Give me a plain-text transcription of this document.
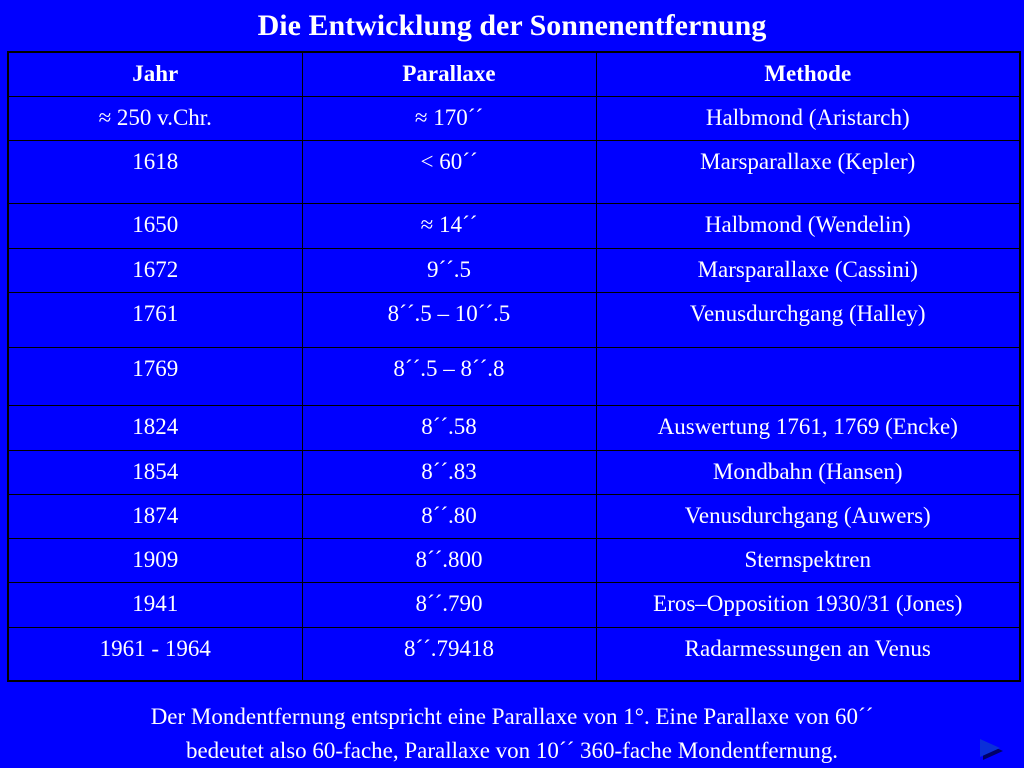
Die Entwicklung der Sonnenentfernung
Jahr	Parallaxe	Methode
≈ 250 v.Chr.	≈ 170´´	Halbmond (Aristarch)
1618	< 60´´	Marsparallaxe (Kepler)
1650	≈ 14´´	Halbmond (Wendelin)
1672	9´´.5	Marsparallaxe (Cassini)
1761	8´´.5 – 10´´.5	Venusdurchgang (Halley)
1769	8´´.5 – 8´´.8	
1824	8´´.58	Auswertung 1761, 1769 (Encke)
1854	8´´.83	Mondbahn (Hansen)
1874	8´´.80	Venusdurchgang (Auwers)
1909	8´´.800	Sternspektren
1941	8´´.790	Eros–Opposition 1930/31 (Jones)
1961 - 1964	8´´.79418	Radarmessungen an Venus
Der Mondentfernung entspricht eine Parallaxe von 1°. Eine Parallaxe von 60´´
bedeutet also 60-fache, Parallaxe von 10´´ 360-fache Mondentfernung.
